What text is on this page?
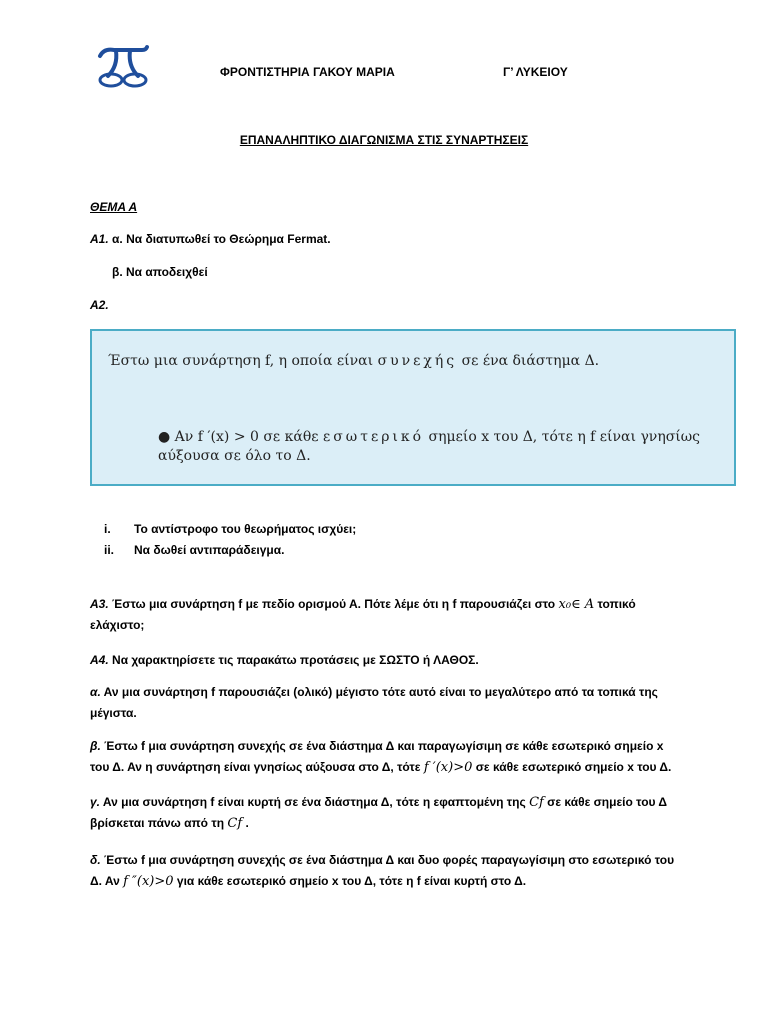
ΦΡΟΝΤΙΣΤΗΡΙΑ ΓΑΚΟΥ ΜΑΡΙΑ	Γ’ ΛΥΚΕΙΟΥ
ΕΠΑΝΑΛΗΠΤΙΚΟ ΔΙΑΓΩΝΙΣΜΑ ΣΤΙΣ ΣΥΝΑΡΤΗΣΕΙΣ
ΘΕΜΑ Α
Α1. α. Να διατυπωθεί το Θεώρημα Fermat.
β. Να αποδειχθεί
Α2.
Έστω μια συνάρτηση f, η οποία είναι συνεχής σε ένα διάστημα Δ.
● Αν f ′(x) > 0 σε κάθε εσωτερικό σημείο x του Δ, τότε η f είναι γνησίως
αύξουσα σε όλο το Δ.
i. Το αντίστροφο του θεωρήματος ισχύει;
ii. Να δωθεί αντιπαράδειγμα.
Α3. Έστω μια συνάρτηση f με πεδίο ορισμού Α. Πότε λέμε ότι η f παρουσιάζει στο x₀∈ A τοπικό
ελάχιστο;
Α4. Να χαρακτηρίσετε τις παρακάτω προτάσεις με ΣΩΣΤΟ ή ΛΑΘΟΣ.
α. Αν μια συνάρτηση f παρουσιάζει (ολικό) μέγιστο τότε αυτό είναι το μεγαλύτερο από τα τοπικά της
μέγιστα.
β. Έστω f μια συνάρτηση συνεχής σε ένα διάστημα Δ και παραγωγίσιμη σε κάθε εσωτερικό σημείο x
του Δ. Αν η συνάρτηση είναι γνησίως αύξουσα στο Δ, τότε f ′(x)>0 σε κάθε εσωτερικό σημείο x του Δ.
γ. Αν μια συνάρτηση f είναι κυρτή σε ένα διάστημα Δ, τότε η εφαπτομένη της Cf σε κάθε σημείο του Δ
βρίσκεται πάνω από τη Cf .
δ. Έστω f μια συνάρτηση συνεχής σε ένα διάστημα Δ και δυο φορές παραγωγίσιμη στο εσωτερικό του
Δ. Αν f ″(x)>0 για κάθε εσωτερικό σημείο x του Δ, τότε η f είναι κυρτή στο Δ.
